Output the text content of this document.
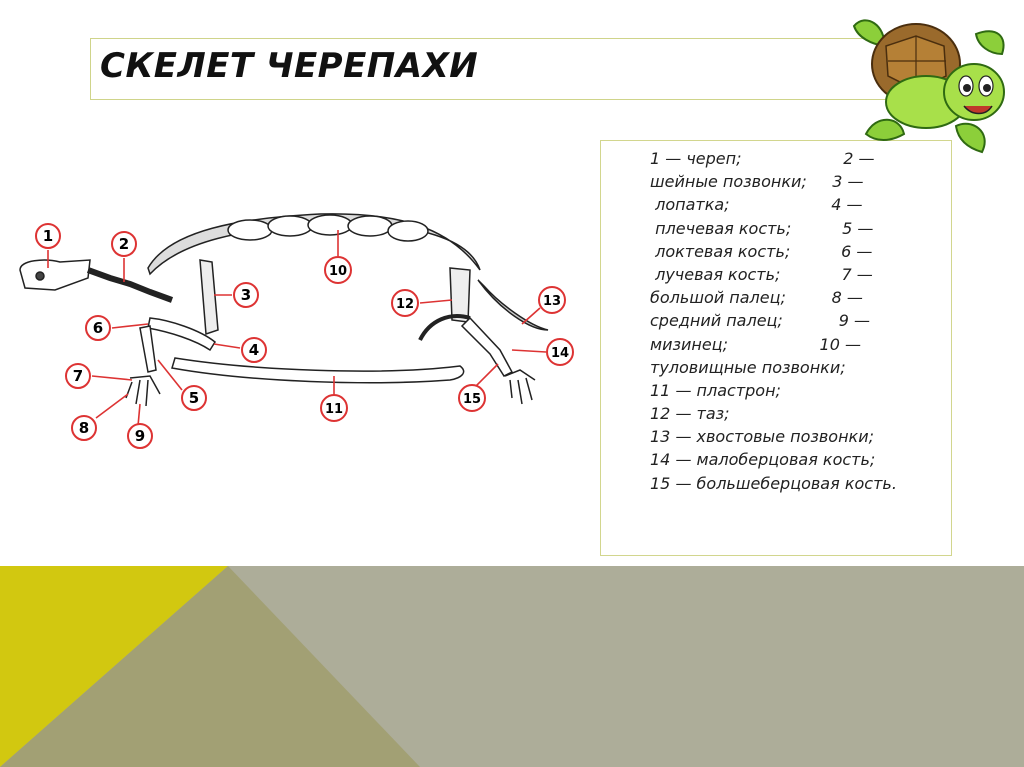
СКЕЛЕТ ЧЕРЕПАХИ
1	2
3
4
5
6
7
8	9
10
11
12	13
14
15
1 — череп;                    2 —
шейные позвонки;     3 —
лопатка;                    4 —
плечевая кость;          5 —
локтевая кость;          6 —
лучевая кость;            7 —
большой палец;         8 —
средний палец;           9 —
мизинец;                  10 —
туловищные позвонки;
11 — пластрон;
12 — таз;
13 — хвостовые позвонки;
14 — малоберцовая кость;
15 — большеберцовая кость.
